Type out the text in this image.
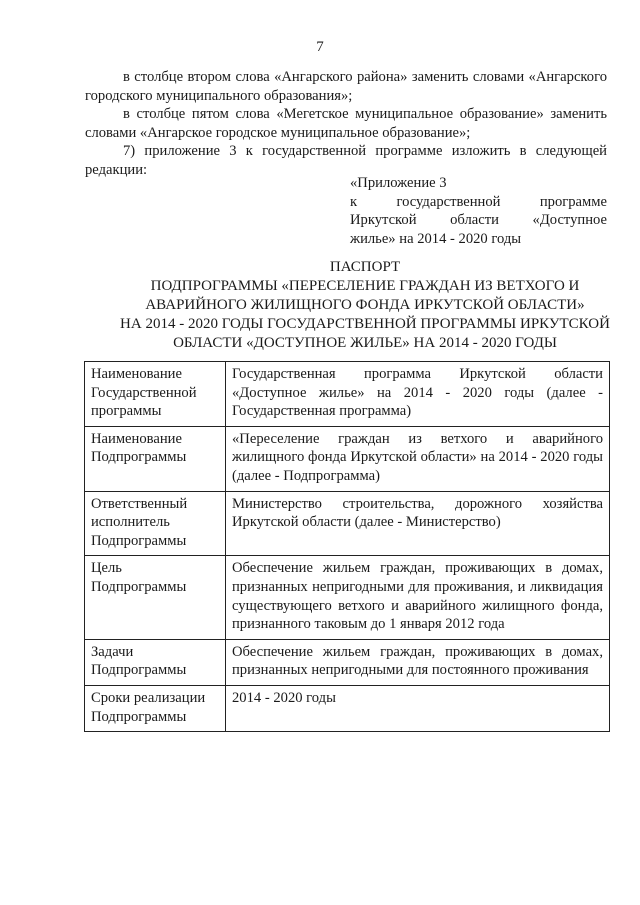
7

в столбце втором слова «Ангарского района» заменить словами «Ангарского городского муниципального образования»;

в столбце пятом слова «Мегетское муниципальное образование» заменить словами «Ангарское городское муниципальное образование»;

7) приложение 3 к государственной программе изложить в следующей редакции:

«Приложение 3

к	государственной	программе

Иркутской области «Доступное

жилье» на 2014 - 2020 годы

ПАСПОРТ

ПОДПРОГРАММЫ «ПЕРЕСЕЛЕНИЕ ГРАЖДАН ИЗ ВЕТХОГО И

АВАРИЙНОГО ЖИЛИЩНОГО ФОНДА ИРКУТСКОЙ ОБЛАСТИ»

НА 2014 - 2020 ГОДЫ ГОСУДАРСТВЕННОЙ ПРОГРАММЫ ИРКУТСКОЙ

ОБЛАСТИ «ДОСТУПНОЕ ЖИЛЬЕ» НА 2014 - 2020 ГОДЫ

Наименование Государственной программы	Государственная программа Иркутской области «Доступное жилье» на 2014 - 2020 годы (далее - Государственная программа)
Наименование Подпрограммы	«Переселение граждан из ветхого и аварийного жилищного фонда Иркутской области» на 2014 - 2020 годы (далее - Подпрограмма)
Ответственный исполнитель Подпрограммы	Министерство строительства, дорожного хозяйства Иркутской области (далее - Министерство)
Цель Подпрограммы	Обеспечение жильем граждан, проживающих в домах, признанных непригодными для проживания, и ликвидация существующего ветхого и аварийного жилищного фонда, признанного таковым до 1 января 2012 года
Задачи Подпрограммы	Обеспечение жильем граждан, проживающих в домах, признанных непригодными для постоянного проживания
Сроки реализации Подпрограммы	2014 - 2020 годы
